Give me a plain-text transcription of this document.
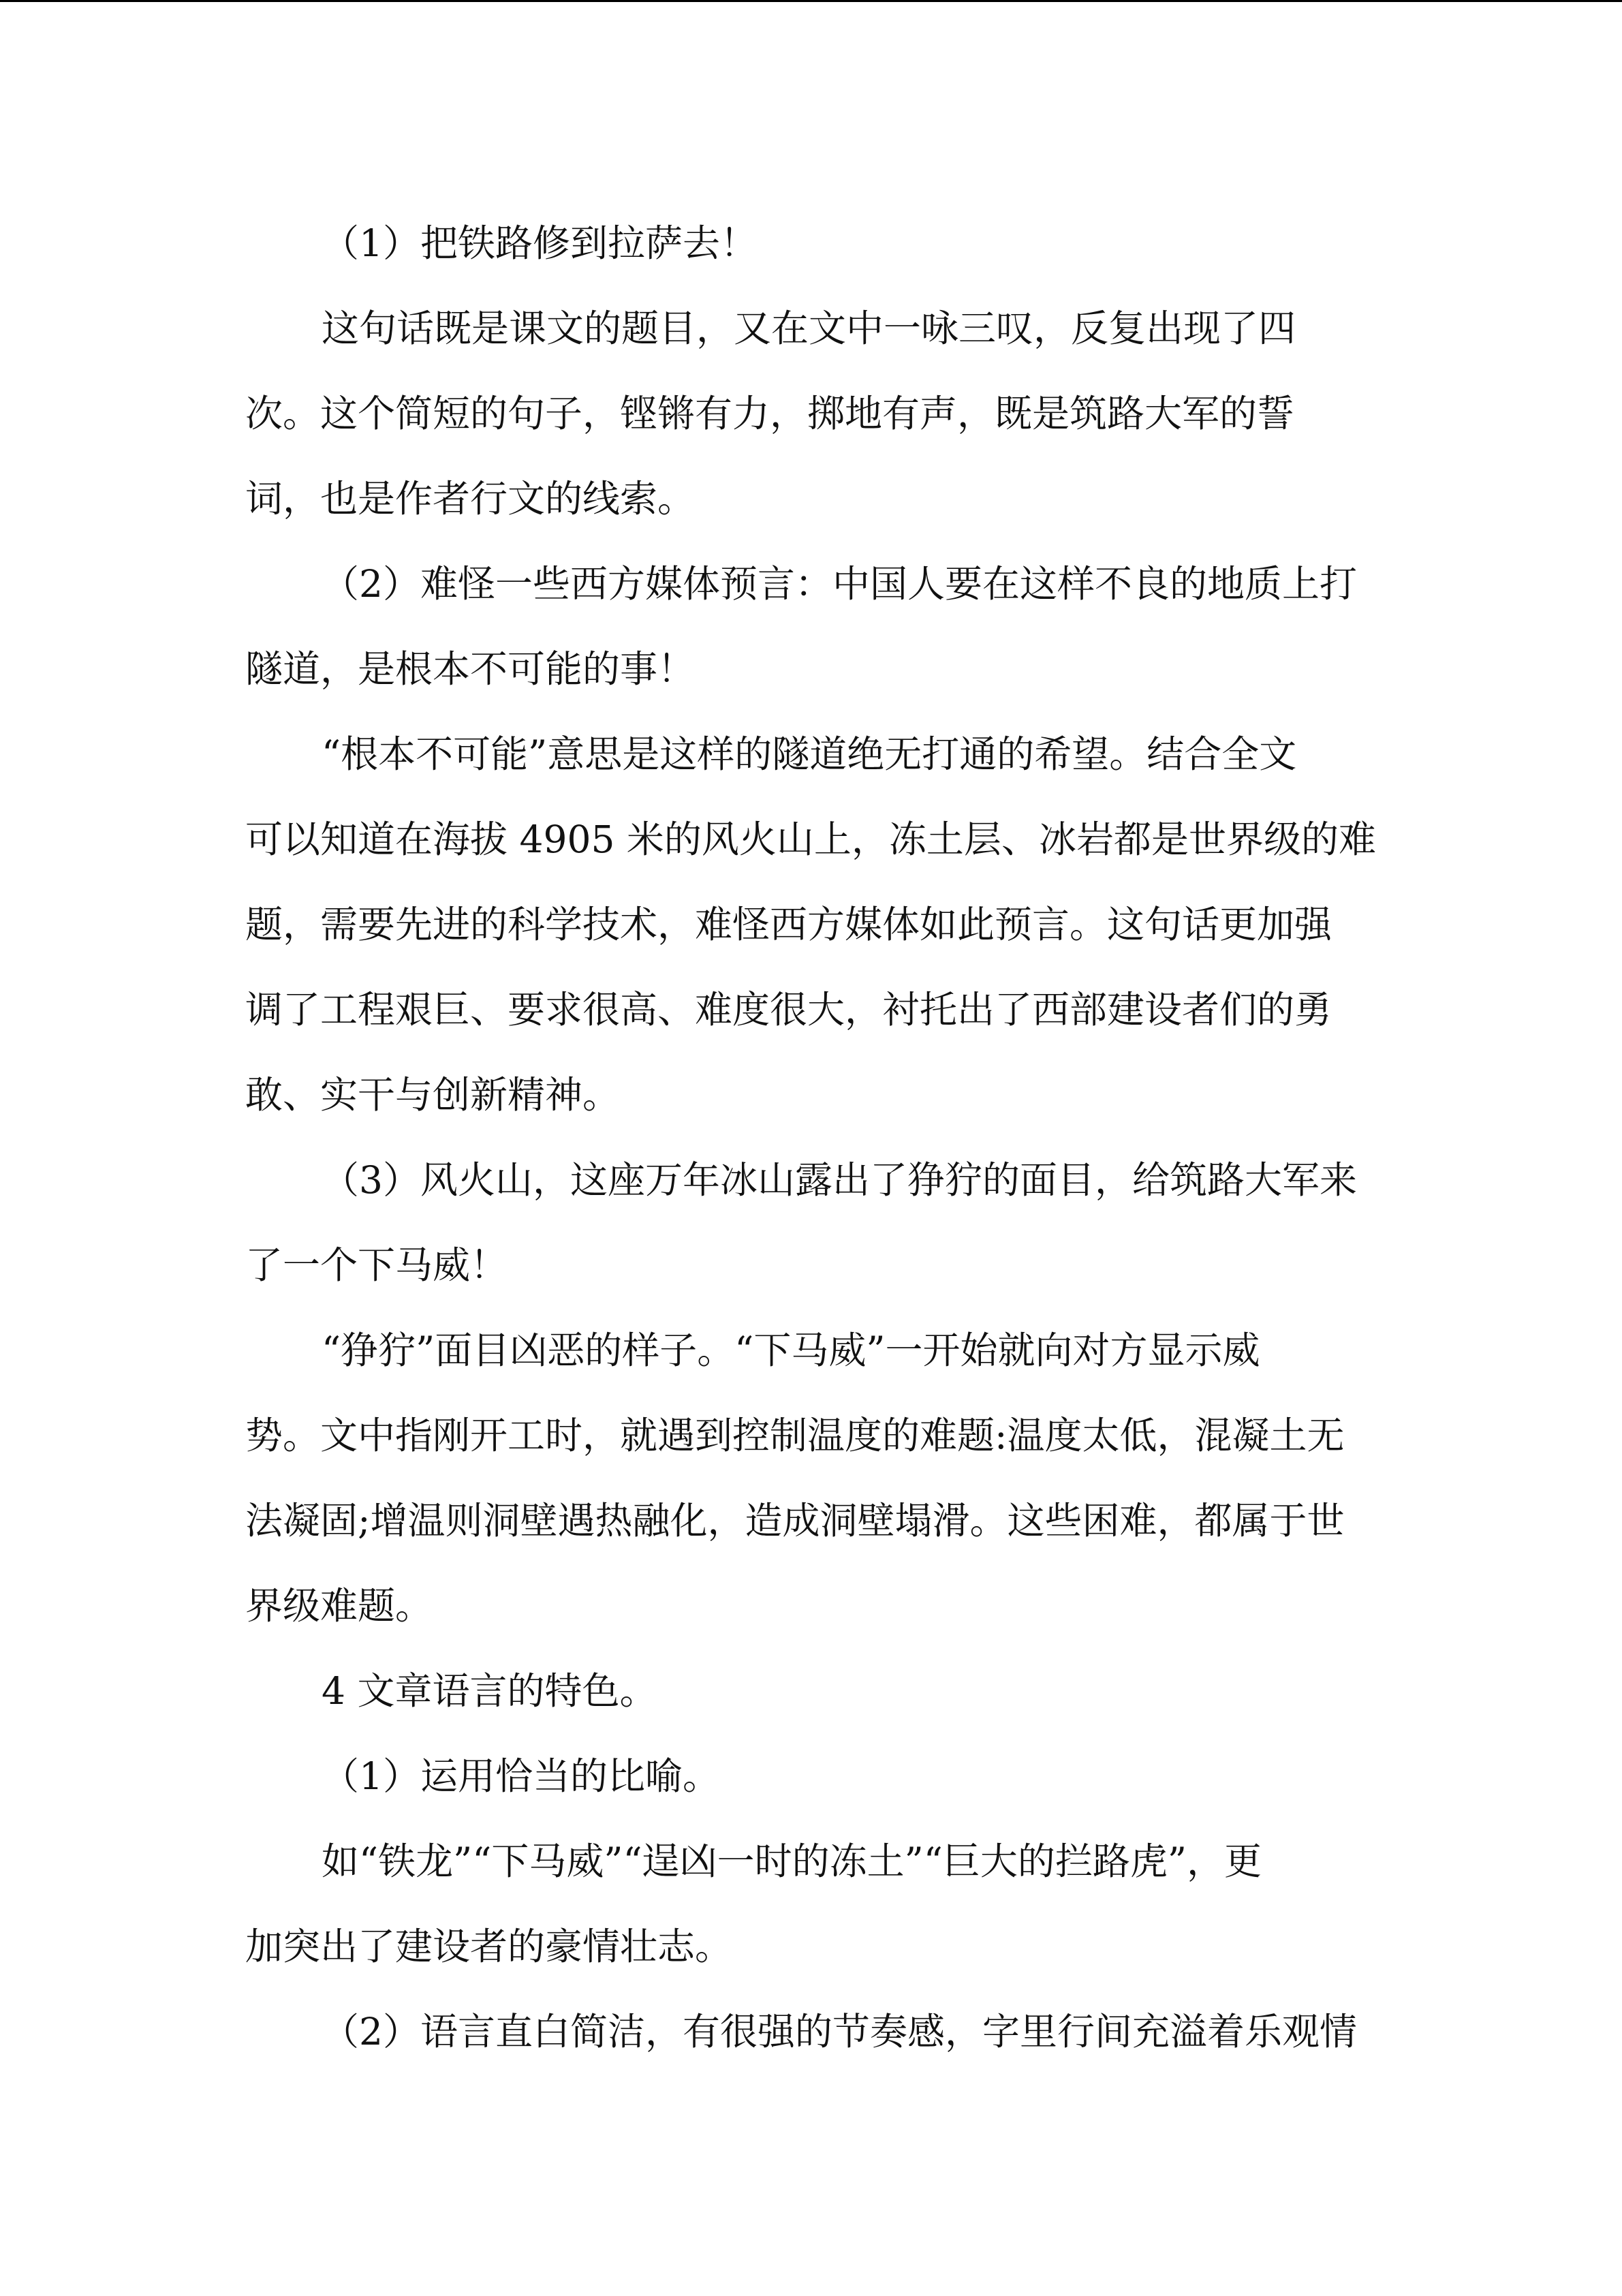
（1）把铁路修到拉萨去！

这句话既是课文的题目，又在文中一咏三叹，反复出现了四

次。这个简短的句子，铿锵有力，掷地有声，既是筑路大军的誓

词，也是作者行文的线索。

（2）难怪一些西方媒体预言：中国人要在这样不良的地质上打

隧道，是根本不可能的事！

“根本不可能”意思是这样的隧道绝无打通的希望。结合全文

可以知道在海拔 4905 米的风火山上，冻土层、冰岩都是世界级的难

题，需要先进的科学技术，难怪西方媒体如此预言。这句话更加强

调了工程艰巨、要求很高、难度很大，衬托出了西部建设者们的勇

敢、实干与创新精神。

（3）风火山，这座万年冰山露出了狰狞的面目，给筑路大军来

了一个下马威！

“狰狞”面目凶恶的样子。“下马威”一开始就向对方显示威

势。文中指刚开工时，就遇到控制温度的难题:温度太低，混凝土无

法凝固;增温则洞壁遇热融化，造成洞壁塌滑。这些困难，都属于世

界级难题。

4 文章语言的特色。

（1）运用恰当的比喻。

如“铁龙”“下马威”“逞凶一时的冻土”“巨大的拦路虎”，更

加突出了建设者的豪情壮志。

（2）语言直白简洁，有很强的节奏感，字里行间充溢着乐观情
